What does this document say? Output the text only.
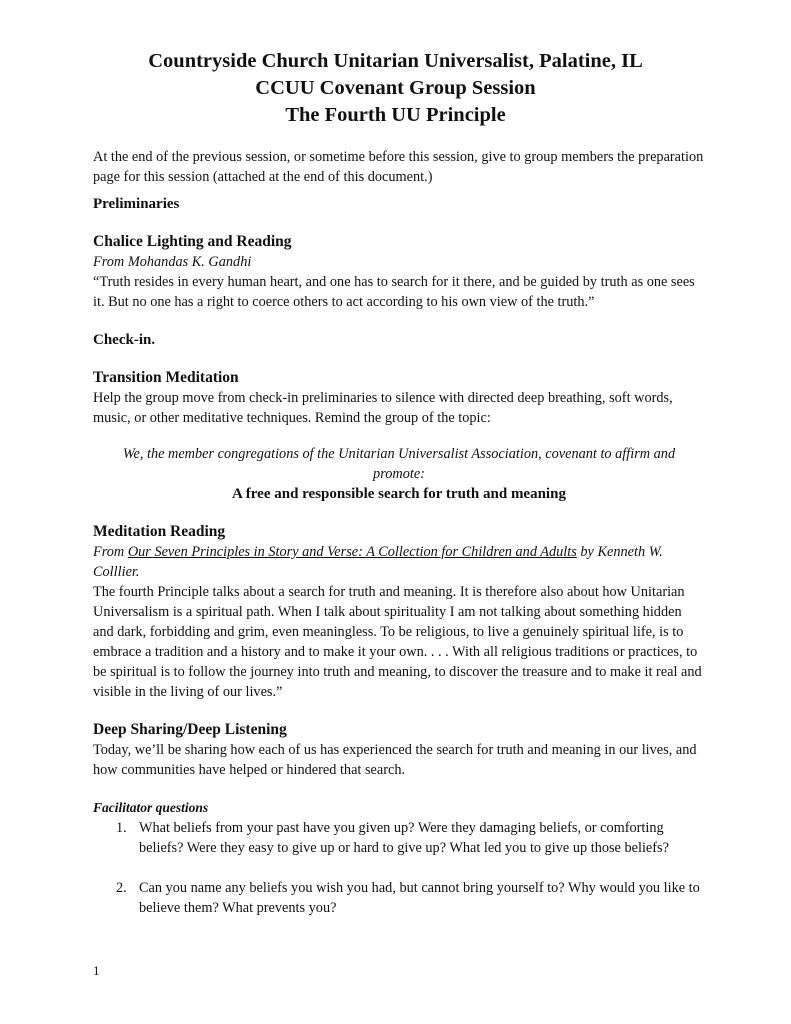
Countryside Church Unitarian Universalist, Palatine, IL

CCUU Covenant Group Session

The Fourth UU Principle

At the end of the previous session, or sometime before this session, give to group members the preparation page for this session (attached at the end of this document.)

Preliminaries

Chalice Lighting and Reading

From Mohandas K. Gandhi

“Truth resides in every human heart, and one has to search for it there, and be guided by truth as one sees it. But no one has a right to coerce others to act according to his own view of the truth.”

Check-in.

Transition Meditation

Help the group move from check-in preliminaries to silence with directed deep breathing, soft words, music, or other meditative techniques. Remind the group of the topic:

We, the member congregations of the Unitarian Universalist Association, covenant to affirm and promote:

A free and responsible search for truth and meaning

Meditation Reading

From Our Seven Principles in Story and Verse: A Collection for Children and Adults by Kenneth W. Colllier.

The fourth Principle talks about a search for truth and meaning. It is therefore also about how Unitarian Universalism is a spiritual path. When I talk about spirituality I am not talking about something hidden and dark, forbidding and grim, even meaningless. To be religious, to live a genuinely spiritual life, is to embrace a tradition and a history and to make it your own. . . . With all religious traditions or practices, to be spiritual is to follow the journey into truth and meaning, to discover the treasure and to make it real and visible in the living of our lives.”

Deep Sharing/Deep Listening

Today, we’ll be sharing how each of us has experienced the search for truth and meaning in our lives, and how communities have helped or hindered that search.

Facilitator questions

1. What beliefs from your past have you given up? Were they damaging beliefs, or comforting beliefs? Were they easy to give up or hard to give up? What led you to give up those beliefs?
2. Can you name any beliefs you wish you had, but cannot bring yourself to? Why would you like to believe them? What prevents you?
1
